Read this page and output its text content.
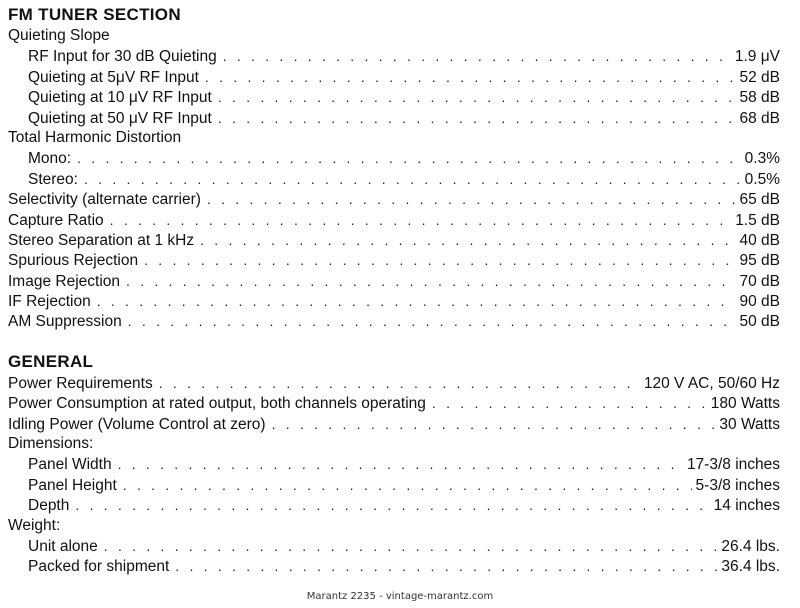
FM TUNER SECTION
Quieting Slope
RF Input for 30 dB Quieting . . .	1.9 μV
Quieting at 5μV RF Input . . .	52 dB
Quieting at 10 μV RF Input . . .	58 dB
Quieting at 50 μV RF Input . . .	68 dB
Total Harmonic Distortion
Mono: . . .	0.3%
Stereo: . . .	0.5%
Selectivity (alternate carrier) . . .	65 dB
Capture Ratio . . .	1.5 dB
Stereo Separation at 1 kHz . . .	40 dB
Spurious Rejection . . .	95 dB
Image Rejection . . .	70 dB
IF Rejection . . .	90 dB
AM Suppression . . .	50 dB
GENERAL
Power Requirements . . .	120 V AC, 50/60 Hz
Power Consumption at rated output, both channels operating . . .	180 Watts
Idling Power (Volume Control at zero) . . .	30 Watts
Dimensions:
Panel Width . . .	17-3/8 inches
Panel Height . . .	5-3/8 inches
Depth . . .	14 inches
Weight:
Unit alone . . .	26.4 lbs.
Packed for shipment . . .	36.4 lbs.
Marantz 2235 - vintage-marantz.com
